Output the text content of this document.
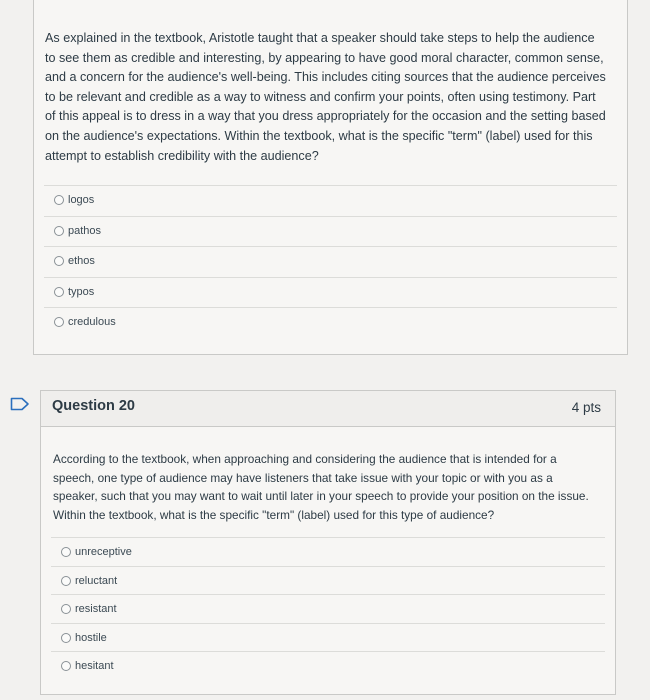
As explained in the textbook, Aristotle taught that a speaker should take steps to help the audience to see them as credible and interesting, by appearing to have good moral character, common sense, and a concern for the audience's well-being. This includes citing sources that the audience perceives to be relevant and credible as a way to witness and confirm your points, often using testimony. Part of this appeal is to dress in a way that you dress appropriately for the occasion and the setting based on the audience's expectations. Within the textbook, what is the specific "term" (label) used for this attempt to establish credibility with the audience?
logos
pathos
ethos
typos
credulous
Question 20	4 pts
According to the textbook, when approaching and considering the audience that is intended for a speech, one type of audience may have listeners that take issue with your topic or with you as a speaker, such that you may want to wait until later in your speech to provide your position on the issue. Within the textbook, what is the specific "term" (label) used for this type of audience?
unreceptive
reluctant
resistant
hostile
hesitant
